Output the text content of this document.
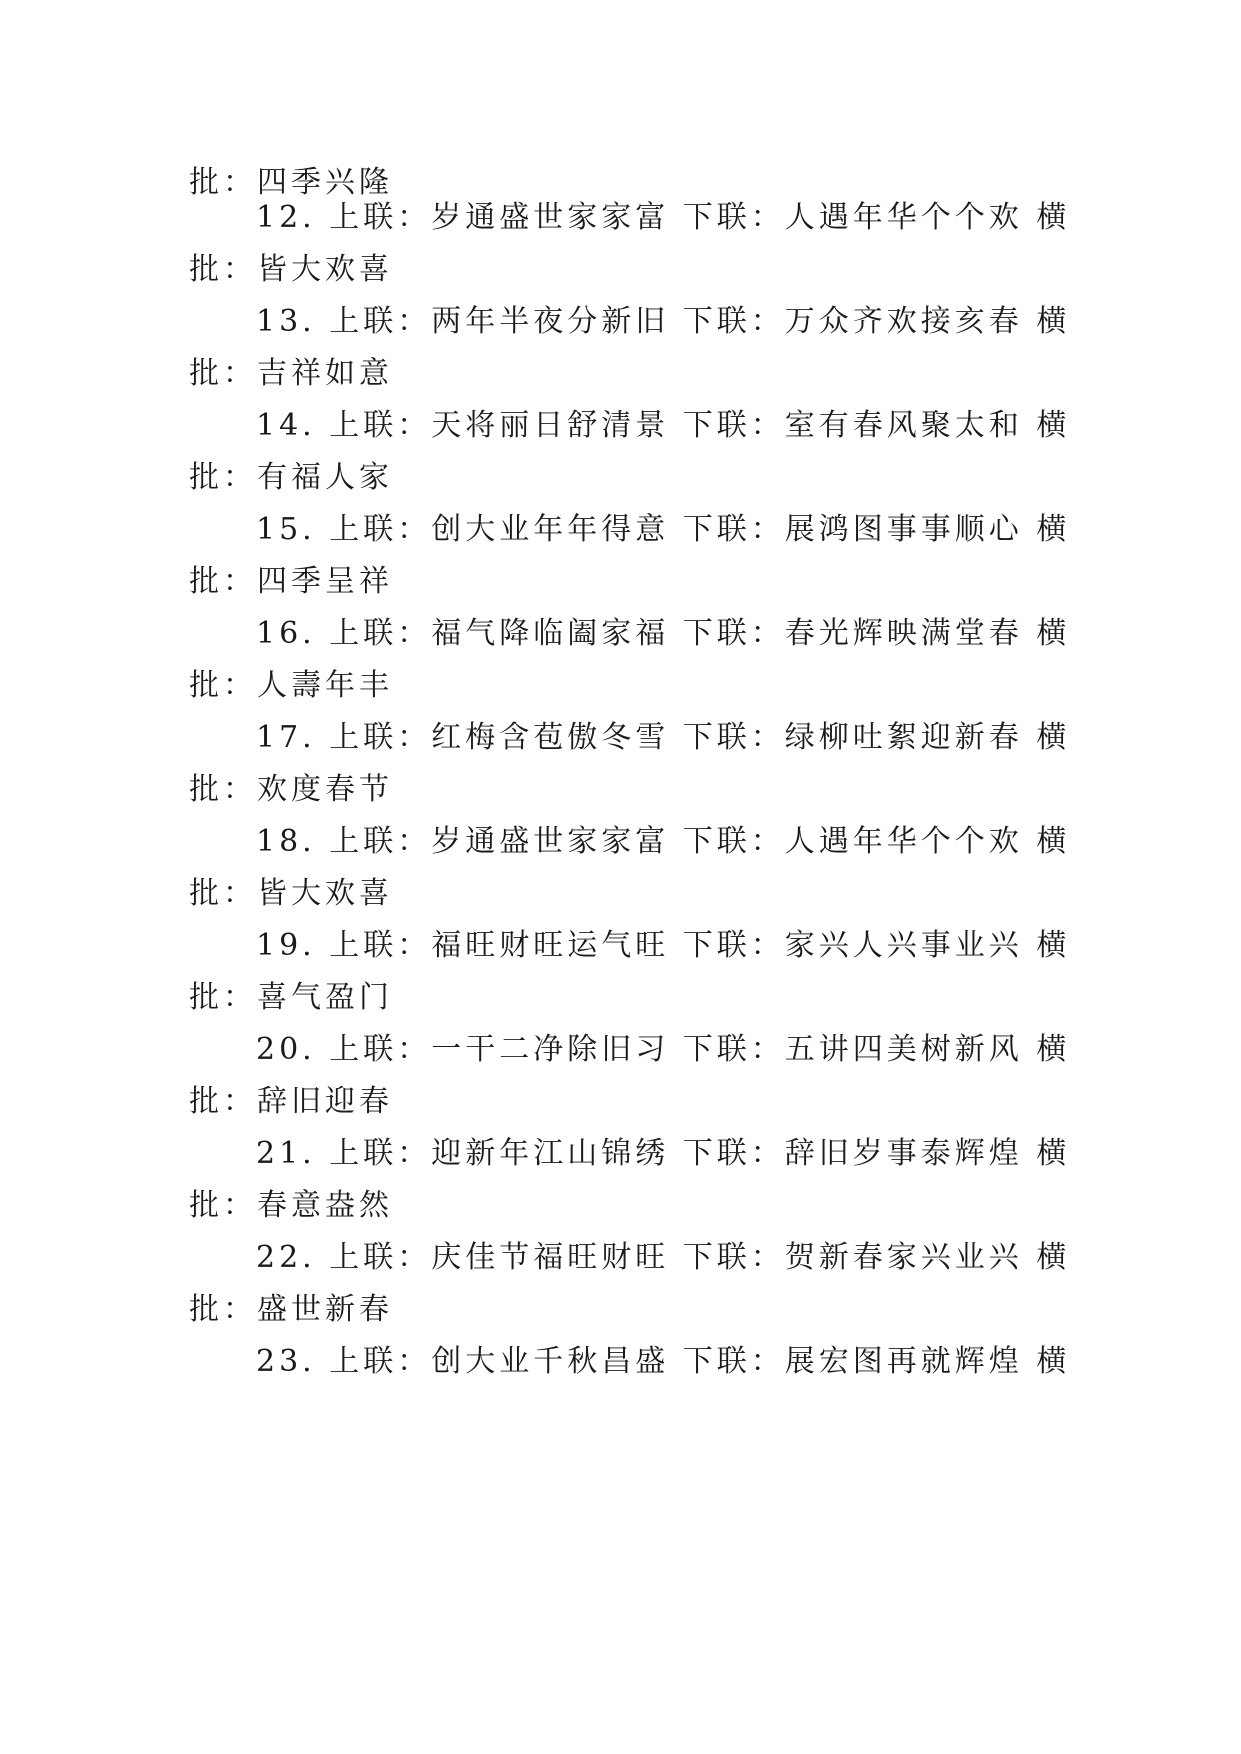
批：四季兴隆
12. 上联：岁通盛世家家富 下联：人遇年华个个欢 横
批：皆大欢喜
13. 上联：两年半夜分新旧 下联：万众齐欢接亥春 横
批：吉祥如意
14. 上联：天将丽日舒清景 下联：室有春风聚太和 横
批：有福人家
15. 上联：创大业年年得意 下联：展鸿图事事顺心 横
批：四季呈祥
16. 上联：福气降临阖家福 下联：春光辉映满堂春 横
批：人壽年丰
17. 上联：红梅含苞傲冬雪 下联：绿柳吐絮迎新春 横
批：欢度春节
18. 上联：岁通盛世家家富 下联：人遇年华个个欢 横
批：皆大欢喜
19. 上联：福旺财旺运气旺 下联：家兴人兴事业兴 横
批：喜气盈门
20. 上联：一干二净除旧习 下联：五讲四美树新风 横
批：辞旧迎春
21. 上联：迎新年江山锦绣 下联：辞旧岁事泰辉煌 横
批：春意盎然
22. 上联：庆佳节福旺财旺 下联：贺新春家兴业兴 横
批：盛世新春
23. 上联：创大业千秋昌盛 下联：展宏图再就辉煌 横
